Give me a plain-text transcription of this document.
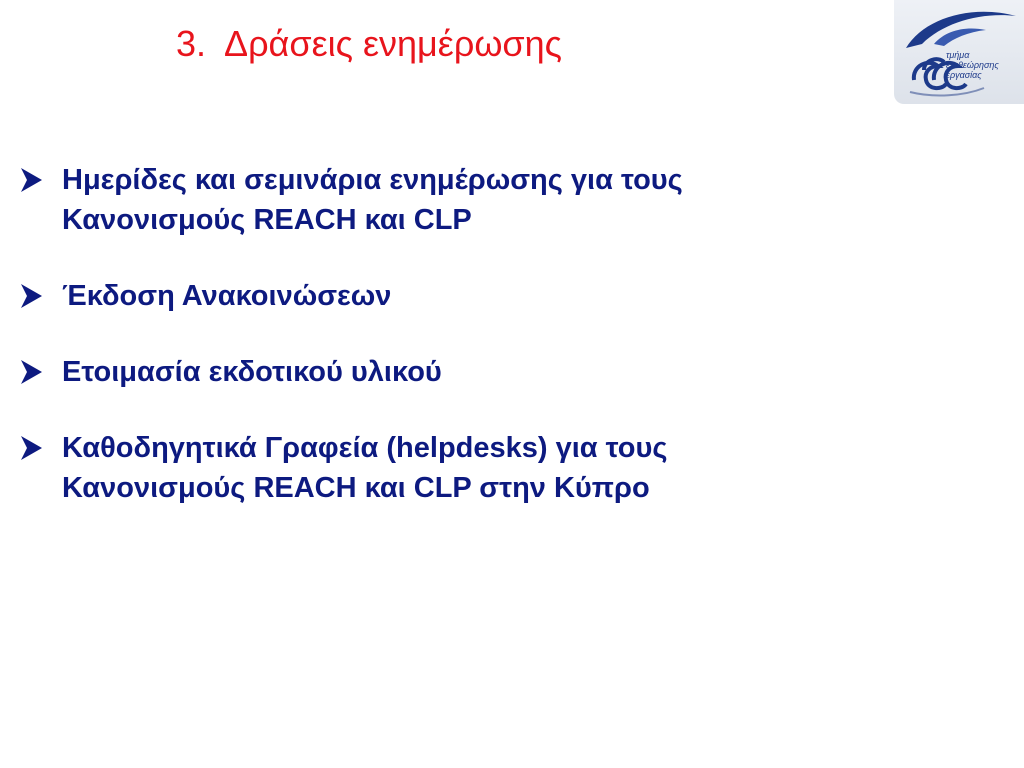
3. Δράσεις ενημέρωσης	τμήμα
επιθεώρησης
εργασίας
Ημερίδες και σεμινάρια ενημέρωσης για τους
Κανονισμούς REACH και CLP
Έκδοση Ανακοινώσεων
Ετοιμασία εκδοτικού υλικού
Καθοδηγητικά Γραφεία (helpdesks) για τους
Κανονισμούς REACH και CLP στην Κύπρο
